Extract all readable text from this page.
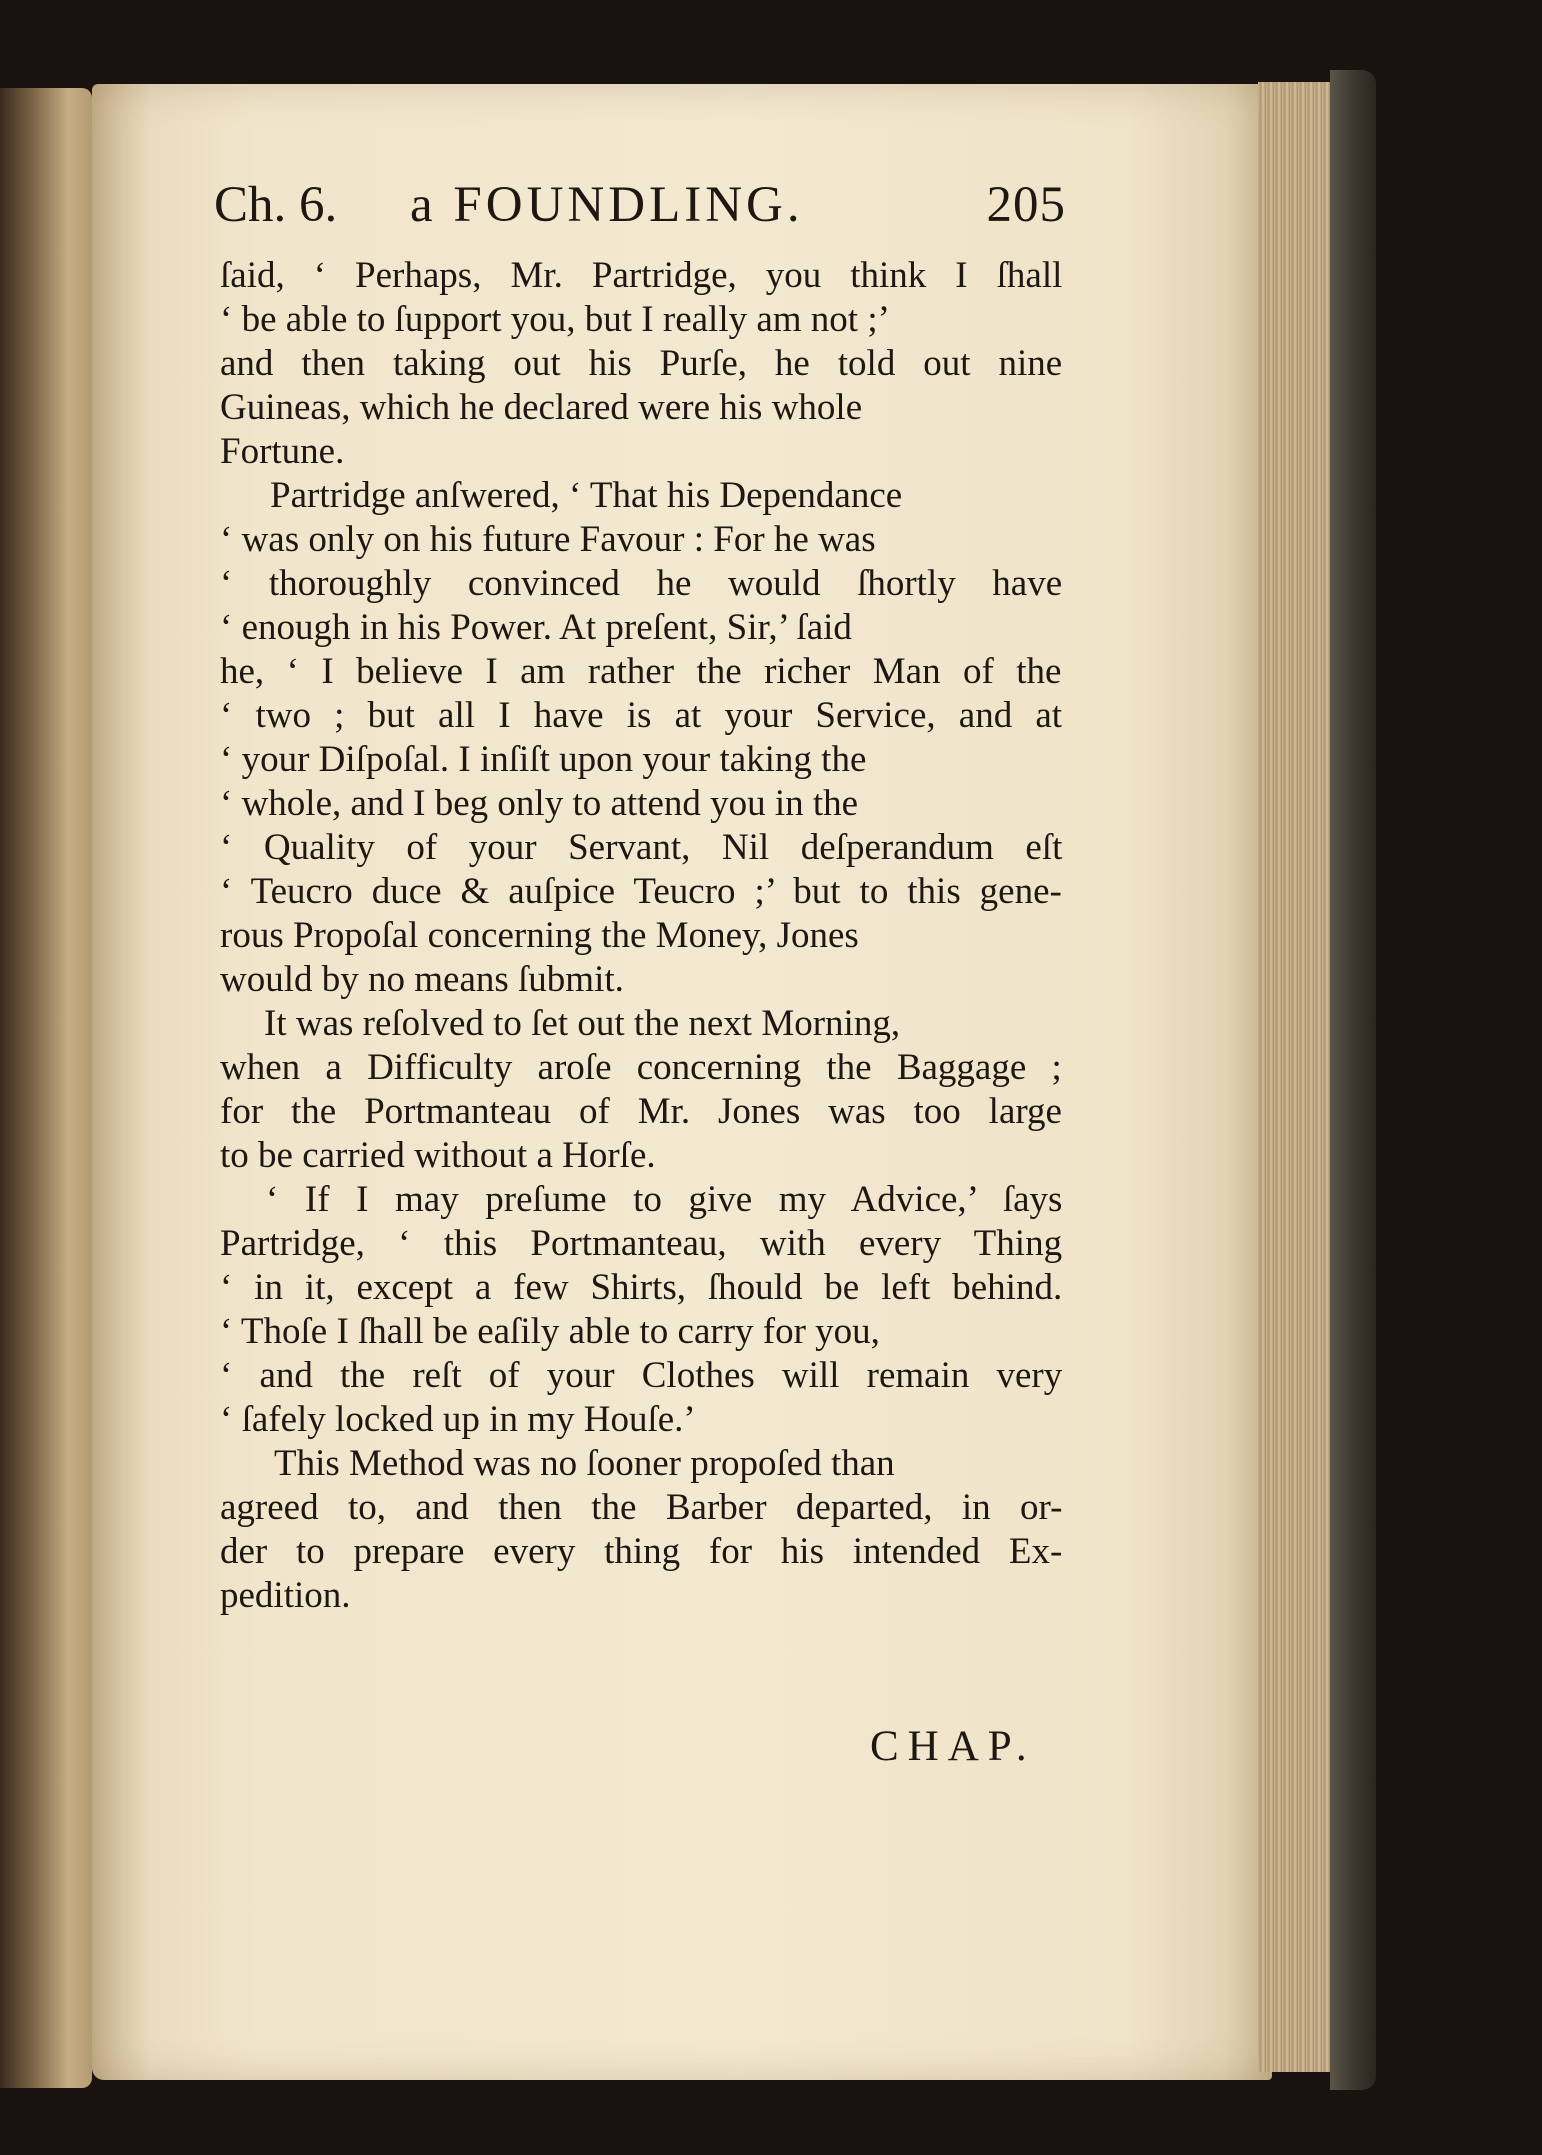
Ch. 6. a FOUNDLING.	205
ſaid, ‘ Perhaps, Mr. Partridge, you think I ſhall
‘ be able to ſupport you, but I really am not ;’
and then taking out his Purſe, he told out nine
Guineas, which he declared were his whole
Fortune.
Partridge anſwered, ‘ That his Dependance
‘ was only on his future Favour : For he was
‘ thoroughly convinced he would ſhortly have
‘ enough in his Power. At preſent, Sir,’ ſaid
he, ‘ I believe I am rather the richer Man of the
‘ two ; but all I have is at your Service, and at
‘ your Diſpoſal. I inſiſt upon your taking the
‘ whole, and I beg only to attend you in the
‘ Quality of your Servant, Nil deſperandum eſt
‘ Teucro duce & auſpice Teucro ;’ but to this gene-
rous Propoſal concerning the Money, Jones
would by no means ſubmit.
It was reſolved to ſet out the next Morning,
when a Difficulty aroſe concerning the Baggage ;
for the Portmanteau of Mr. Jones was too large
to be carried without a Horſe.
‘ If I may preſume to give my Advice,’ ſays
Partridge, ‘ this Portmanteau, with every Thing
‘ in it, except a few Shirts, ſhould be left behind.
‘ Thoſe I ſhall be eaſily able to carry for you,
‘ and the reſt of your Clothes will remain very
‘ ſafely locked up in my Houſe.’
This Method was no ſooner propoſed than
agreed to, and then the Barber departed, in or-
der to prepare every thing for his intended Ex-
pedition.
CHAP.
